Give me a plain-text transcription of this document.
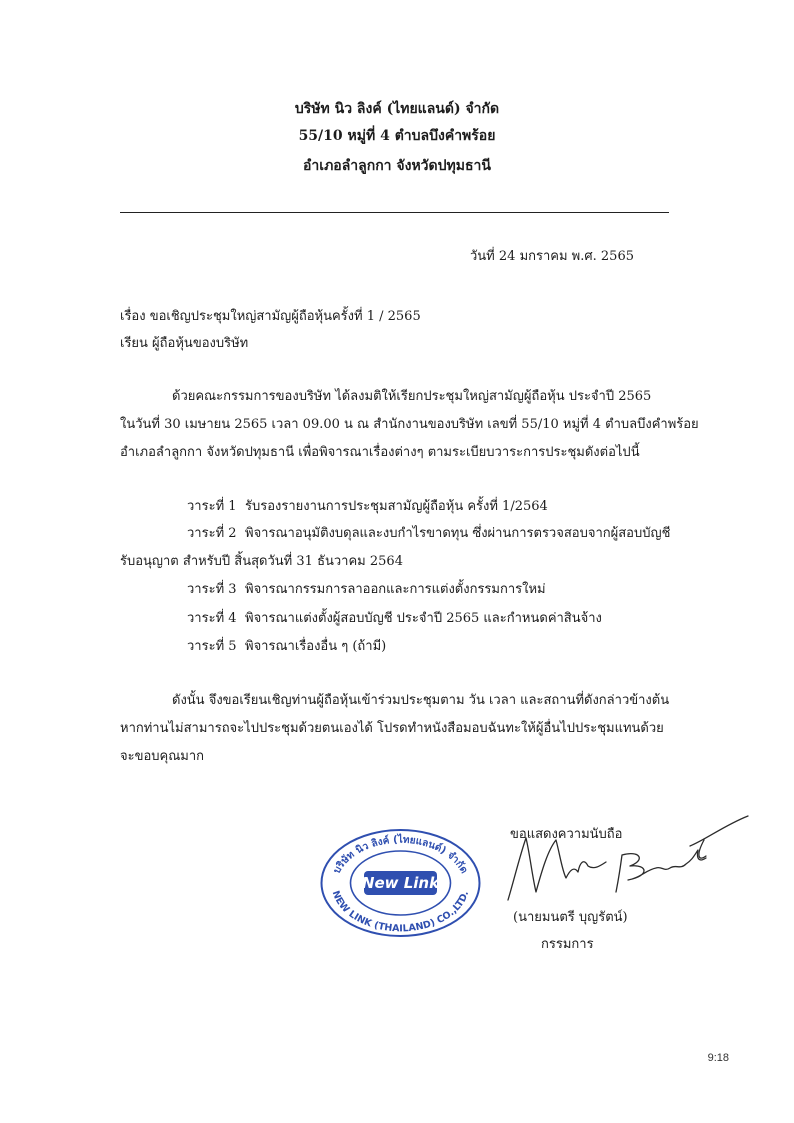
บริษัท นิว ลิงค์ (ไทยแลนด์) จำกัด
55/10 หมู่ที่ 4 ตำบลบึงคำพร้อย
อำเภอลำลูกกา จังหวัดปทุมธานี
วันที่ 24 มกราคม พ.ศ. 2565
เรื่อง ขอเชิญประชุมใหญ่สามัญผู้ถือหุ้นครั้งที่ 1 / 2565
เรียน ผู้ถือหุ้นของบริษัท
ด้วยคณะกรรมการของบริษัท ได้ลงมติให้เรียกประชุมใหญ่สามัญผู้ถือหุ้น ประจำปี 2565
ในวันที่ 30 เมษายน 2565 เวลา 09.00 น ณ สำนักงานของบริษัท เลขที่ 55/10 หมู่ที่ 4 ตำบลบึงคำพร้อย
อำเภอลำลูกกา จังหวัดปทุมธานี เพื่อพิจารณาเรื่องต่างๆ ตามระเบียบวาระการประชุมดังต่อไปนี้
วาระที่ 1 รับรองรายงานการประชุมสามัญผู้ถือหุ้น ครั้งที่ 1/2564
วาระที่ 2 พิจารณาอนุมัติงบดุลและงบกำไรขาดทุน ซึ่งผ่านการตรวจสอบจากผู้สอบบัญชี
รับอนุญาต สำหรับปี สิ้นสุดวันที่ 31 ธันวาคม 2564
วาระที่ 3 พิจารณากรรมการลาออกและการแต่งตั้งกรรมการใหม่
วาระที่ 4 พิจารณาแต่งตั้งผู้สอบบัญชี ประจำปี 2565 และกำหนดค่าสินจ้าง
วาระที่ 5 พิจารณาเรื่องอื่น ๆ (ถ้ามี)
ดังนั้น จึงขอเรียนเชิญท่านผู้ถือหุ้นเข้าร่วมประชุมตาม วัน เวลา และสถานที่ดังกล่าวข้างต้น
หากท่านไม่สามารถจะไปประชุมด้วยตนเองได้ โปรดทำหนังสือมอบฉันทะให้ผู้อื่นไปประชุมแทนด้วย
จะขอบคุณมาก
ขอแสดงความนับถือ
บริษัท นิว ลิงค์ (ไทยแลนด์) จำกัด
NEW LINK (THAILAND) CO.,LTD.
New Link
(นายมนตรี บุญรัตน์)
กรรมการ
9:18
